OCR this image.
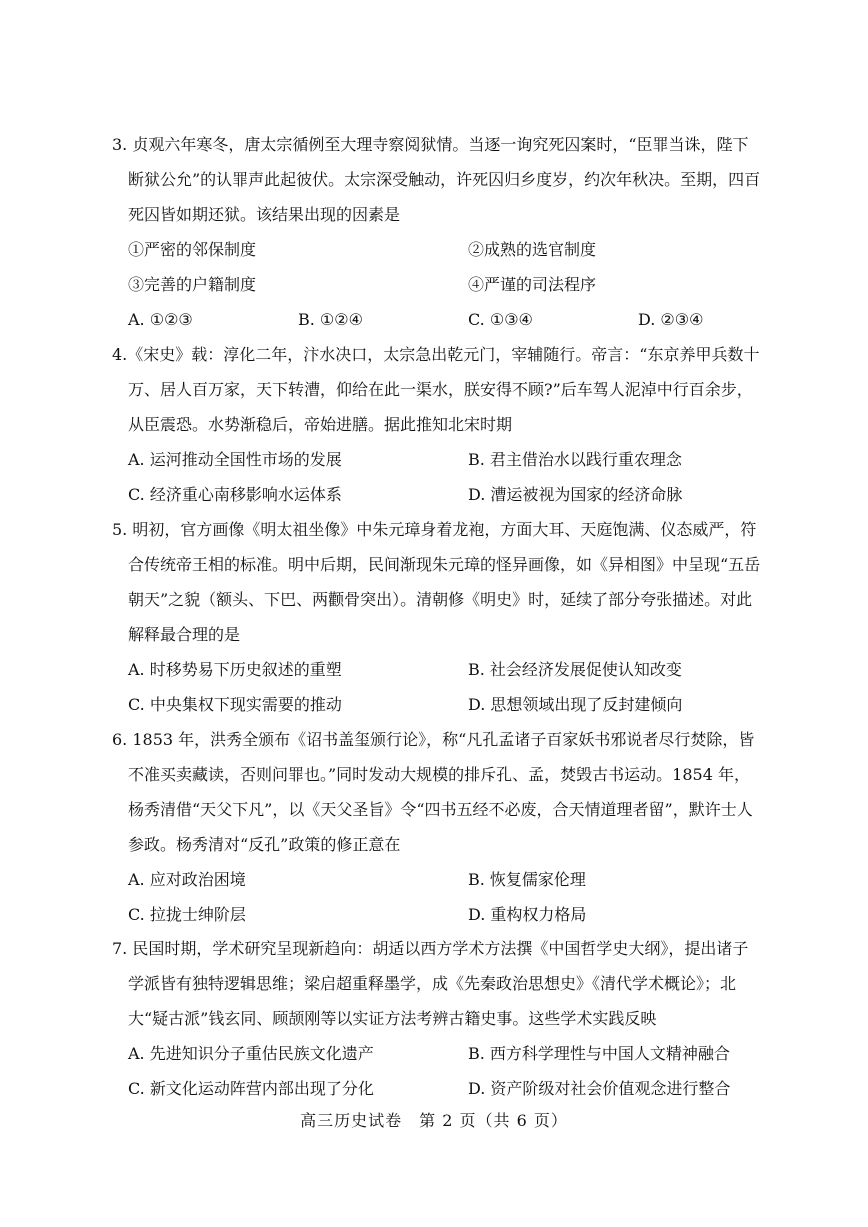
3. 贞观六年寒冬，唐太宗循例至大理寺察阅狱情。当逐一询究死囚案时，“臣罪当诛，陛下断狱公允”的认罪声此起彼伏。太宗深受触动，许死囚归乡度岁，约次年秋决。至期，四百死囚皆如期还狱。该结果出现的因素是

①严密的邻保制度	②成熟的选官制度
③完善的户籍制度	④严谨的司法程序
A. ①②③	B. ①②④	C. ①③④	D. ②③④

4.《宋史》载：淳化二年，汴水决口，太宗急出乾元门，宰辅随行。帝言：“东京养甲兵数十万、居人百万家，天下转漕，仰给在此一渠水，朕安得不顾?”后车驾人泥淖中行百余步，从臣震恐。水势渐稳后，帝始进膳。据此推知北宋时期

A. 运河推动全国性市场的发展	B. 君主借治水以践行重农理念
C. 经济重心南移影响水运体系	D. 漕运被视为国家的经济命脉

5. 明初，官方画像《明太祖坐像》中朱元璋身着龙袍，方面大耳、天庭饱满、仪态威严，符合传统帝王相的标准。明中后期，民间渐现朱元璋的怪异画像，如《异相图》中呈现“五岳朝天”之貌（额头、下巴、两颧骨突出）。清朝修《明史》时，延续了部分夸张描述。对此解释最合理的是

A. 时移势易下历史叙述的重塑	B. 社会经济发展促使认知改变
C. 中央集权下现实需要的推动	D. 思想领域出现了反封建倾向

6. 1853 年，洪秀全颁布《诏书盖玺颁行论》，称“凡孔孟诸子百家妖书邪说者尽行焚除，皆不准买卖藏读，否则问罪也。”同时发动大规模的排斥孔、孟，焚毁古书运动。1854 年，杨秀清借“天父下凡”，以《天父圣旨》令“四书五经不必废，合天情道理者留”，默许士人参政。杨秀清对“反孔”政策的修正意在

A. 应对政治困境	B. 恢复儒家伦理
C. 拉拢士绅阶层	D. 重构权力格局

7. 民国时期，学术研究呈现新趋向：胡适以西方学术方法撰《中国哲学史大纲》，提出诸子学派皆有独特逻辑思维；梁启超重释墨学，成《先秦政治思想史》《清代学术概论》；北大“疑古派”钱玄同、顾颉刚等以实证方法考辨古籍史事。这些学术实践反映

A. 先进知识分子重估民族文化遗产	B. 西方科学理性与中国人文精神融合
C. 新文化运动阵营内部出现了分化	D. 资产阶级对社会价值观念进行整合
高三历史试卷　第 2 页（共 6 页）
